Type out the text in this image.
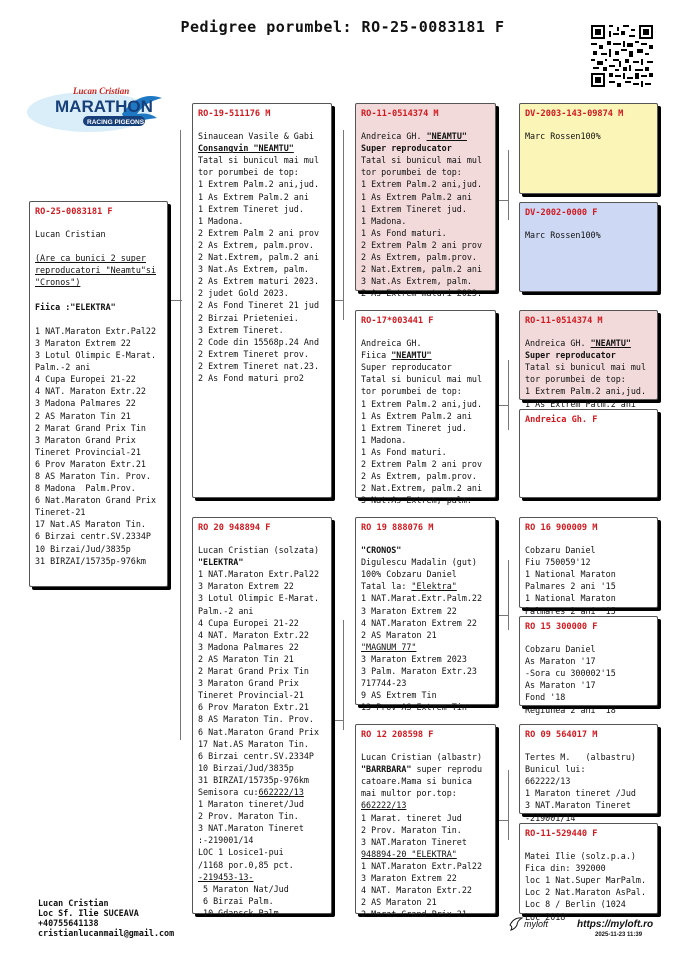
Pedigree porumbel: RO-25-0083181 F
Lucan Cristian
MARATHON
RACING PIGEONS
RO-25-0083181 F
Lucan Cristian

(Are ca bunici 2 super
reproducatori "Neamtu"si
"Cronos")

Fiica :"ELEKTRA"

1 NAT.Maraton Extr.Pal22
3 Maraton Extrem 22
3 Lotul Olimpic E-Marat.
Palm.-2 ani
4 Cupa Europei 21-22
4 NAT. Maraton Extr.22
3 Madona Palmares 22
2 AS Maraton Tin 21
2 Marat Grand Prix Tin
3 Maraton Grand Prix
Tineret Provincial-21
6 Prov Maraton Extr.21
8 AS Maraton Tin. Prov.
8 Madona  Palm.Prov.
6 Nat.Maraton Grand Prix
Tineret-21
17 Nat.AS Maraton Tin.
6 Birzai centr.SV.2334P
10 Birzai/Jud/3835p
31 BIRZAI/15735p-976km
RO-19-511176 M
Sinaucean Vasile & Gabi
Consangvin "NEAMTU"
Tatal si bunicul mai mul
tor porumbei de top:
1 Extrem Palm.2 ani,jud.
1 As Extrem Palm.2 ani
1 Extrem Tineret jud.
1 Madona.
2 Extrem Palm 2 ani prov
2 As Extrem, palm.prov.
2 Nat.Extrem, palm.2 ani
3 Nat.As Extrem, palm.
2 As Extrem maturi 2023.
2 judet Gold 2023.
2 As Fond Tineret 21 jud
2 Birzai Prieteniei.
3 Extrem Tineret.
2 Code din 15568p.24 And
2 Extrem Tineret prov.
2 Extrem Tineret nat.23.
2 As Fond maturi pro2
RO 20 948894 F
Lucan Cristian (solzata)
"ELEKTRA"
1 NAT.Maraton Extr.Pal22
3 Maraton Extrem 22
3 Lotul Olimpic E-Marat.
Palm.-2 ani
4 Cupa Europei 21-22
4 NAT. Maraton Extr.22
3 Madona Palmares 22
2 AS Maraton Tin 21
2 Marat Grand Prix Tin
3 Maraton Grand Prix
Tineret Provincial-21
6 Prov Maraton Extr.21
8 AS Maraton Tin. Prov.
6 Nat.Maraton Grand Prix
17 Nat.AS Maraton Tin.
6 Birzai centr.SV.2334P
10 Birzai/Jud/3835p
31 BIRZAI/15735p-976km
Semisora cu:662222/13
1 Maraton tineret/Jud
2 Prov. Maraton Tin.
3 NAT.Maraton Tineret
:-219001/14
LOC 1 Losice1-pui
/1168 por.0,85 pct.
-219453-13-
5 Maraton Nat/Jud
6 Birzai Palm.
10 Gdansck Palm
RO-11-0514374 M
Andreica GH. "NEAMTU"
Super reproducator
Tatal si bunicul mai mul
tor porumbei de top:
1 Extrem Palm.2 ani,jud.
1 As Extrem Palm.2 ani
1 Extrem Tineret jud.
1 Madona.
1 As Fond maturi.
2 Extrem Palm 2 ani prov
2 As Extrem, palm.prov.
2 Nat.Extrem, palm.2 ani
3 Nat.As Extrem, palm.
2 As Extrem maturi 2023.
RO-17*003441 F
Andreica GH.
Fiica "NEAMTU"
Super reproducator
Tatal si bunicul mai mul
tor porumbei de top:
1 Extrem Palm.2 ani,jud.
1 As Extrem Palm.2 ani
1 Extrem Tineret jud.
1 Madona.
1 As Fond maturi.
2 Extrem Palm 2 ani prov
2 As Extrem, palm.prov.
2 Nat.Extrem, palm.2 ani
3 Nat.As Extrem, palm.
RO 19 888076 M
"CRONOS"
Digulescu Madalin (gut)
100% Cobzaru Daniel
Tatal la: "Elektra"
1 NAT.Marat.Extr.Palm.22
3 Maraton Extrem 22
4 NAT.Maraton Extrem 22
2 AS Maraton 21
"MAGNUM 77"
3 Maraton Extrem 2023
3 Palm. Maraton Extr.23
717744-23
9 AS Extrem Tin
13 Prov AS Extrem Tin
RO 12 208598 F
Lucan Cristian (albastr)
"BARRBARA" super reprodu
catoare.Mama si bunica
mai multor por.top:
662222/13
1 Marat. tineret Jud
2 Prov. Maraton Tin.
3 NAT.Maraton Tineret
948894-20 "ELEKTRA"
1 NAT.Maraton Extr.Pal22
3 Maraton Extrem 22
4 NAT. Maraton Extr.22
2 AS Maraton 21
2 Marat Grand Prix 21
DV-2003-143-09874 M
Marc Rossen100%
DV-2002-0000 F
Marc Rossen100%
RO-11-0514374 M
Andreica GH. "NEAMTU"
Super reproducator
Tatal si bunicul mai mul
tor porumbei de top:
1 Extrem Palm.2 ani,jud.
1 As Extrem Palm.2 ani
Andreica Gh. F
RO 16 900009 M
Cobzaru Daniel
Fiu 750059'12
1 National Maraton
Palmares 2 ani '15
1 National Maraton
Palmares 2 ani '15
RO 15 300000 F
Cobzaru Daniel
As Maraton '17
-Sora cu 300002'15
As Maraton '17
Fond '18
Regiunea 2 ani '18
RO 09 564017 M
Tertes M.   (albastru)
Bunicul lui:
662222/13
1 Maraton tineret /Jud
3 NAT.Maraton Tineret
-219001/14
RO-11-529440 F
Matei Ilie (solz.p.a.)
Fica din: 392000
loc 1 Nat.Super MarPalm.
Loc 2 Nat.Maraton AsPal.
Loc 8 / Berlin (1024
Loc 2018
Lucan Cristian
Loc Sf. Ilie SUCEAVA
+40755641138
cristianlucanmail@gmail.com
myloft	https://myloft.ro
2025-11-23 11:39
